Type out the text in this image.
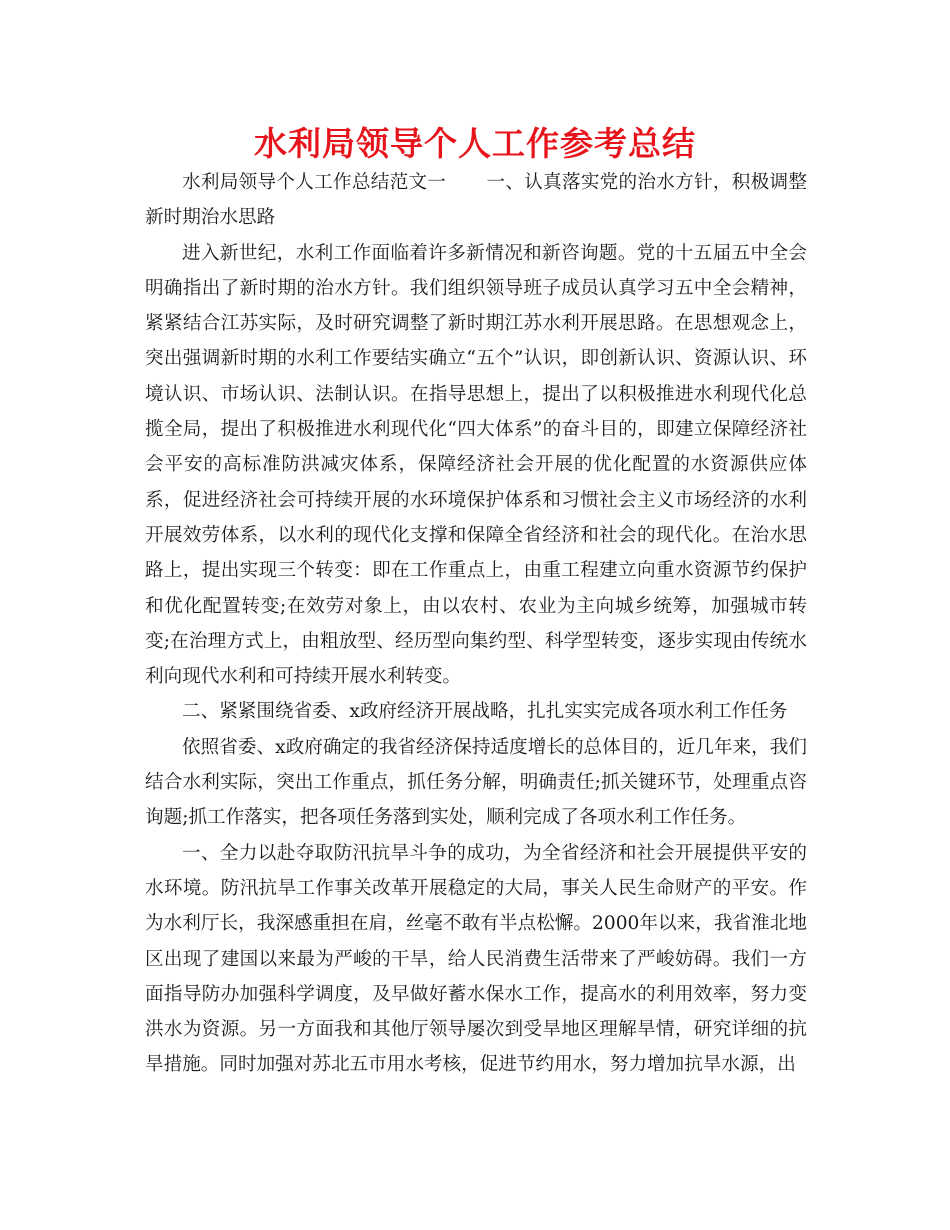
水利局领导个人工作参考总结

水利局领导个人工作总结范文一 一、认真落实党的治水方针，积极调整新时期治水思路

进入新世纪，水利工作面临着许多新情况和新咨询题。党的十五届五中全会明确指出了新时期的治水方针。我们组织领导班子成员认真学习五中全会精神，紧紧结合江苏实际，及时研究调整了新时期江苏水利开展思路。在思想观念上，突出强调新时期的水利工作要结实确立“五个”认识，即创新认识、资源认识、环境认识、市场认识、法制认识。在指导思想上，提出了以积极推进水利现代化总揽全局，提出了积极推进水利现代化“四大体系”的奋斗目的，即建立保障经济社会平安的高标准防洪减灾体系，保障经济社会开展的优化配置的水资源供应体系，促进经济社会可持续开展的水环境保护体系和习惯社会主义市场经济的水利开展效劳体系，以水利的现代化支撑和保障全省经济和社会的现代化。在治水思路上，提出实现三个转变：即在工作重点上，由重工程建立向重水资源节约保护和优化配置转变;在效劳对象上，由以农村、农业为主向城乡统筹，加强城市转变;在治理方式上，由粗放型、经历型向集约型、科学型转变，逐步实现由传统水利向现代水利和可持续开展水利转变。

二、紧紧围绕省委、x政府经济开展战略，扎扎实实完成各项水利工作任务

依照省委、x政府确定的我省经济保持适度增长的总体目的，近几年来，我们结合水利实际，突出工作重点，抓任务分解，明确责任;抓关键环节，处理重点咨询题;抓工作落实，把各项任务落到实处，顺利完成了各项水利工作任务。

一、全力以赴夺取防汛抗旱斗争的成功，为全省经济和社会开展提供平安的水环境。防汛抗旱工作事关改革开展稳定的大局，事关人民生命财产的平安。作为水利厅长，我深感重担在肩，丝毫不敢有半点松懈。2000年以来，我省淮北地区出现了建国以来最为严峻的干旱，给人民消费生活带来了严峻妨碍。我们一方面指导防办加强科学调度，及早做好蓄水保水工作，提高水的利用效率，努力变洪水为资源。另一方面我和其他厅领导屡次到受旱地区理解旱情，研究详细的抗旱措施。同时加强对苏北五市用水考核，促进节约用水，努力增加抗旱水源，出
